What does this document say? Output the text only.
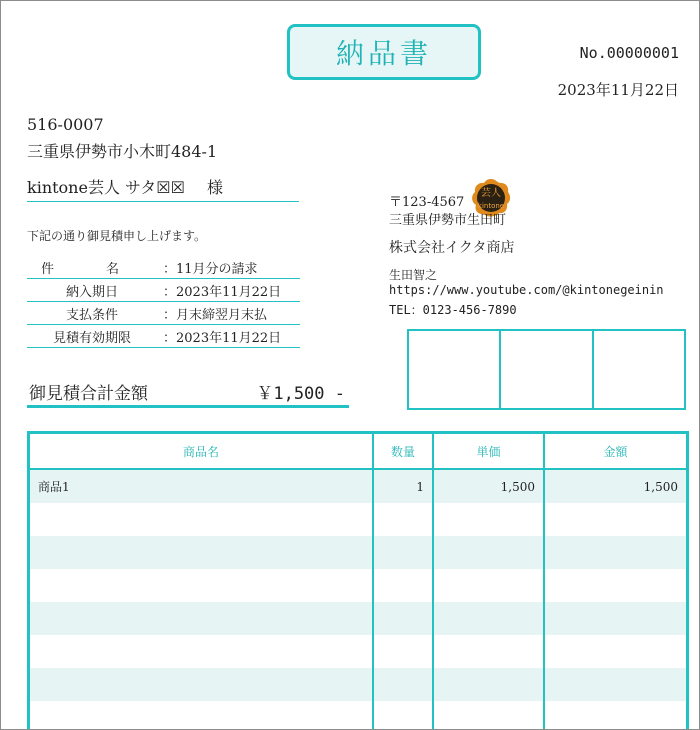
納品書	No.00000001
2023年11月22日
516-0007
三重県伊勢市小木町484-1
kintone芸人 サタ☒☒ 様
下記の通り御見積申し上げます。
件　　　　名	：11月分の請求
納入期日	：2023年11月22日
支払条件	：月末締翌月末払
見積有効期限	：2023年11月22日
御見積合計金額	￥1,500 -
芸人
kintone
〒123-4567
三重県伊勢市生田町
株式会社イクタ商店
生田智之
https://www.youtube.com/@kintonegeinin
TEL：0123-456-7890
商品名	数量	単価	金額
商品1	1	1,500	1,500
